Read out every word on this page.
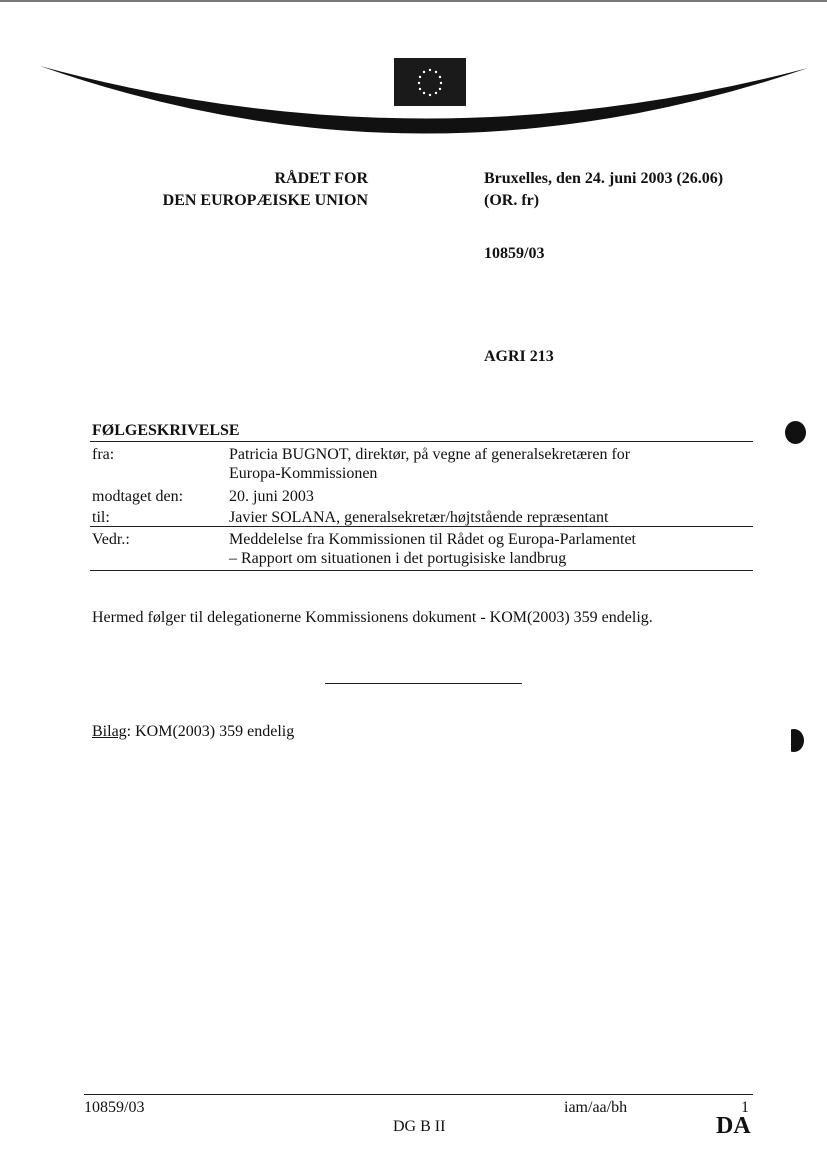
RÅDET FOR
DEN EUROPÆISKE UNION
Bruxelles, den 24. juni 2003 (26.06)
(OR. fr)
10859/03
AGRI 213
FØLGESKRIVELSE
fra:	Patricia BUGNOT, direktør, på vegne af generalsekretæren for
Europa-Kommissionen
modtaget den:	20. juni 2003
til:	Javier SOLANA, generalsekretær/højtstående repræsentant
Vedr.:	Meddelelse fra Kommissionen til Rådet og Europa-Parlamentet
– Rapport om situationen i det portugisiske landbrug
Hermed følger til delegationerne Kommissionens dokument - KOM(2003) 359 endelig.
Bilag: KOM(2003) 359 endelig
10859/03	iam/aa/bh	1
DG B II	DA
